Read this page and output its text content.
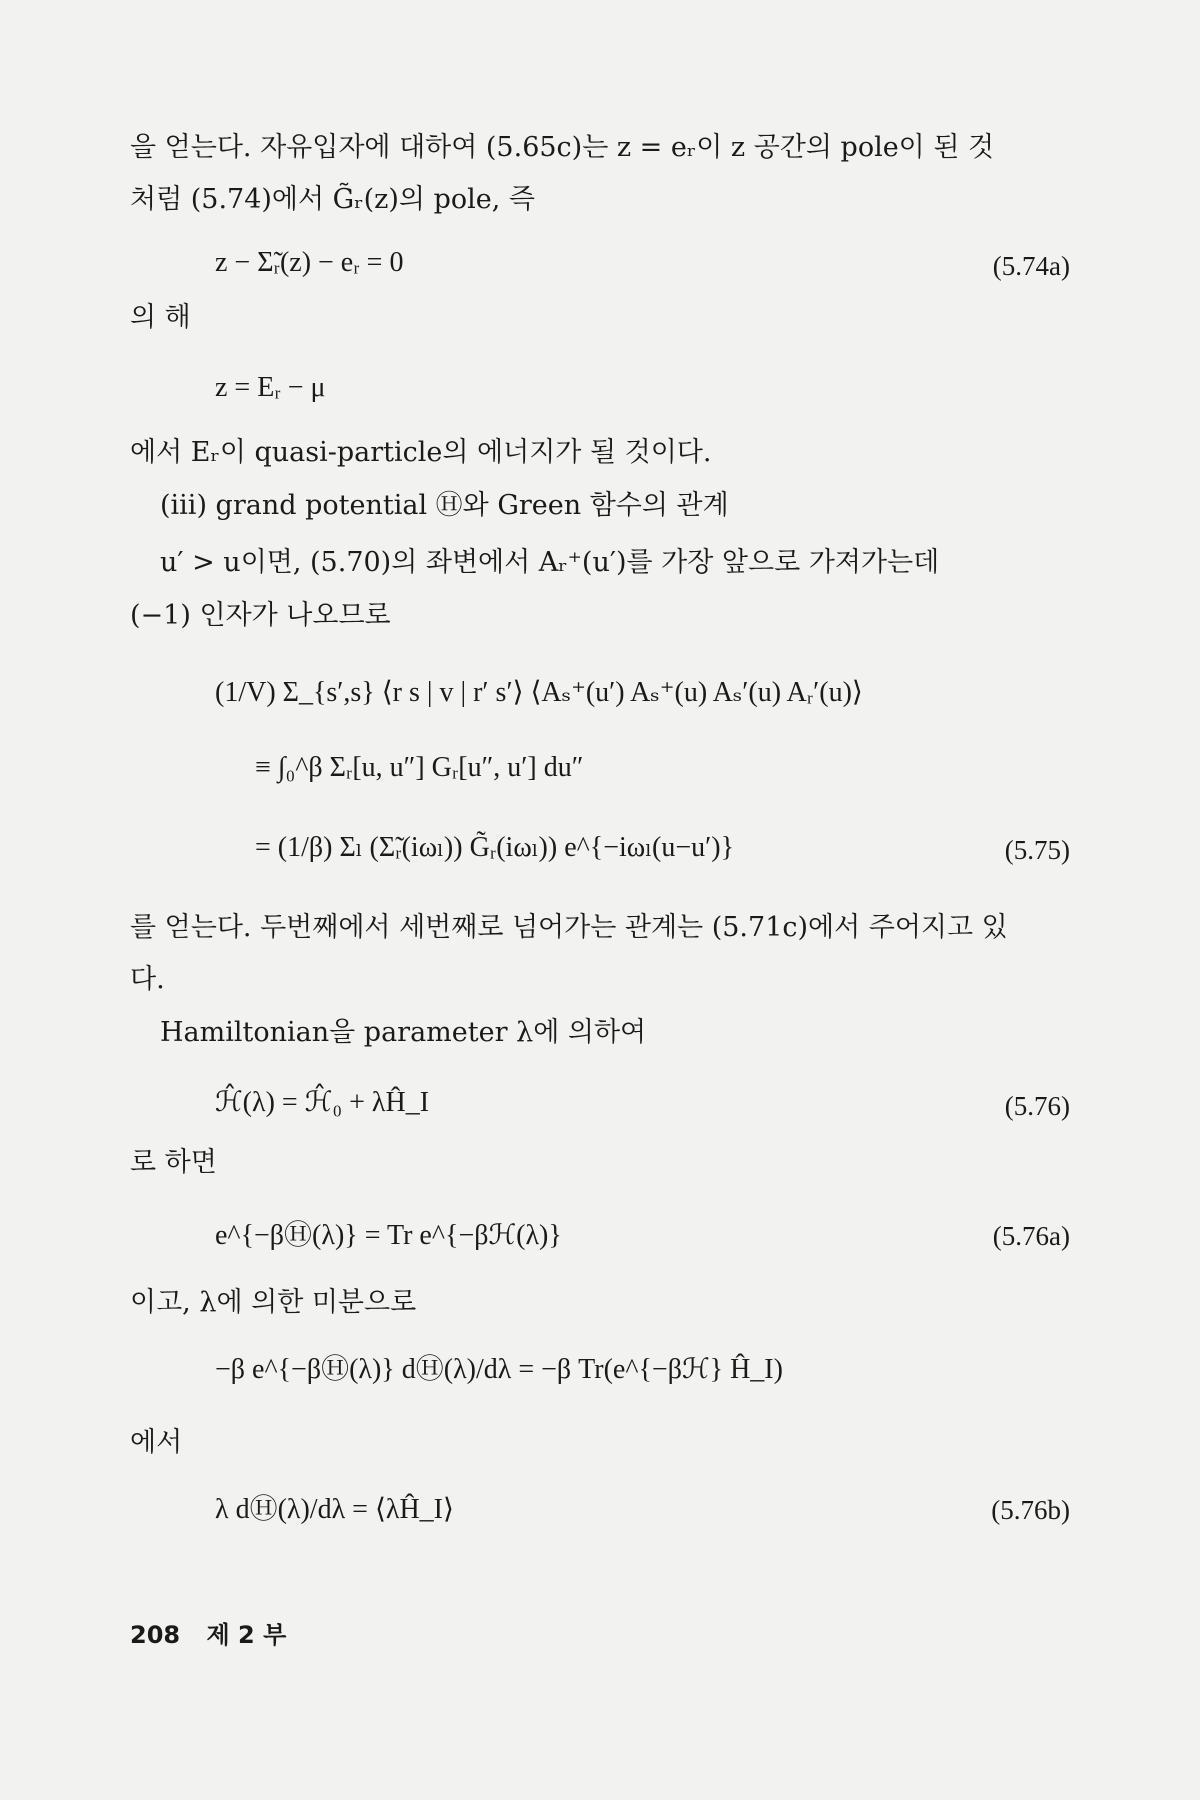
을 얻는다. 자유입자에 대하여 (5.65c)는 z = eᵣ이 z 공간의 pole이 된 것
처럼 (5.74)에서 G̃ᵣ(z)의 pole, 즉
z − Σ̃ᵣ(z) − eᵣ = 0	(5.74a)
의 해
z = Eᵣ − μ
에서 Eᵣ이 quasi-particle의 에너지가 될 것이다.
(iii) grand potential Ⓗ와 Green 함수의 관계
u′ > u이면, (5.70)의 좌변에서 Aᵣ⁺(u′)를 가장 앞으로 가져가는데
(−1) 인자가 나오므로
(1/V) Σ_{s′,s} ⟨r s | v | r′ s′⟩ ⟨Aₛ⁺(u′) Aₛ⁺(u) Aₛ′(u) Aᵣ′(u)⟩
≡ ∫₀^β Σᵣ[u, u″] Gᵣ[u″, u′] du″
= (1/β) Σₗ (Σ̃ᵣ(iωₗ)) G̃ᵣ(iωₗ)) e^{−iωₗ(u−u′)}	(5.75)
를 얻는다. 두번째에서 세번째로 넘어가는 관계는 (5.71c)에서 주어지고 있
다.
Hamiltonian을 parameter λ에 의하여
ℋ̂(λ) = ℋ̂₀ + λĤ_I	(5.76)
로 하면
e^{−βⒽ(λ)} = Tr e^{−βℋ(λ)}	(5.76a)
이고, λ에 의한 미분으로
−β e^{−βⒽ(λ)} dⒽ(λ)/dλ = −β Tr(e^{−βℋ} Ĥ_I)
에서
λ dⒽ(λ)/dλ = ⟨λĤ_I⟩	(5.76b)
208 제 2 부
